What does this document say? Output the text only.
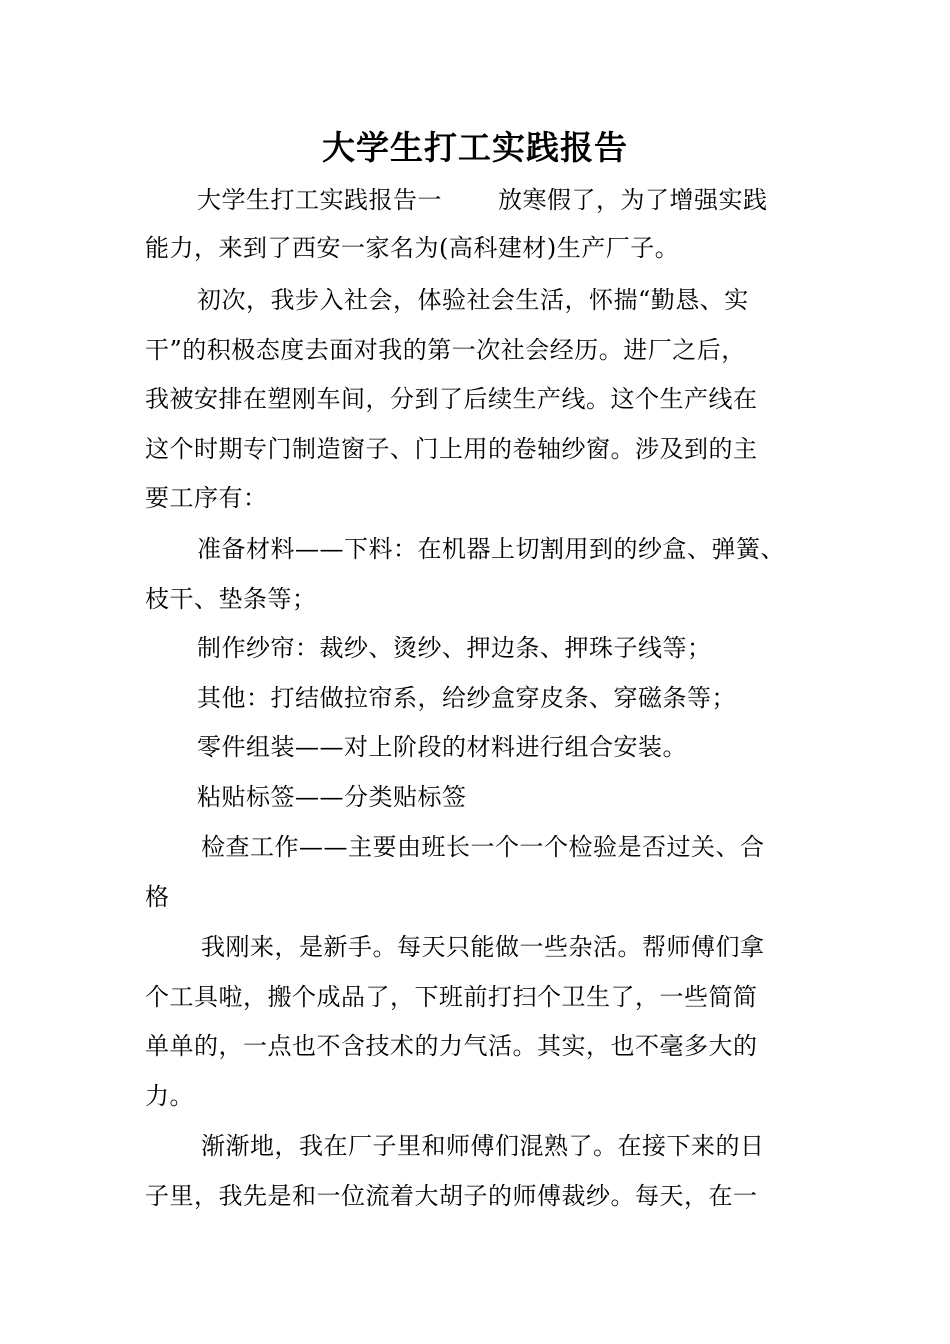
大学生打工实践报告
大学生打工实践报告一 放寒假了，为了增强实践
能力，来到了西安一家名为(高科建材)生产厂子。
初次，我步入社会，体验社会生活，怀揣“勤恳、实
干”的积极态度去面对我的第一次社会经历。进厂之后，
我被安排在塑刚车间，分到了后续生产线。这个生产线在
这个时期专门制造窗子、门上用的卷轴纱窗。涉及到的主
要工序有：
准备材料——下料：在机器上切割用到的纱盒、弹簧、
枝干、垫条等；
制作纱帘：裁纱、烫纱、押边条、押珠子线等；
其他：打结做拉帘系，给纱盒穿皮条、穿磁条等；
零件组装——对上阶段的材料进行组合安装。
粘贴标签——分类贴标签
检查工作——主要由班长一个一个检验是否过关、合
格
我刚来，是新手。每天只能做一些杂活。帮师傅们拿
个工具啦，搬个成品了，下班前打扫个卫生了，一些简简
单单的，一点也不含技术的力气活。其实，也不毫多大的
力。
渐渐地，我在厂子里和师傅们混熟了。在接下来的日
子里，我先是和一位流着大胡子的师傅裁纱。每天，在一
